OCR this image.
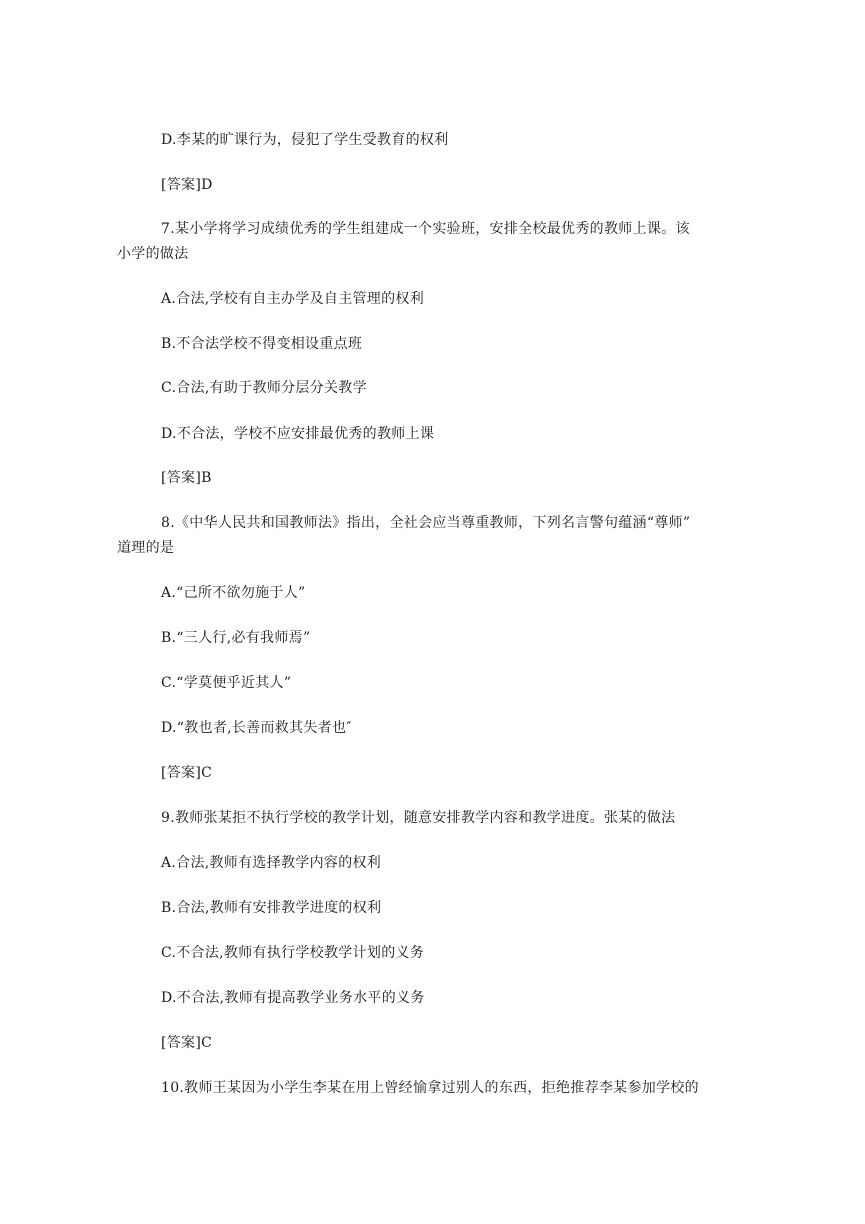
D.李某的旷课行为，侵犯了学生受教育的权利
[答案]D
7.某小学将学习成绩优秀的学生组建成一个实验班，安排全校最优秀的教师上课。该
小学的做法
A.合法,学校有自主办学及自主管理的权利
B.不合法学校不得变相设重点班
C.合法,有助于教师分层分关教学
D.不合法，学校不应安排最优秀的教师上课
[答案]B
8.《中华人民共和国教师法》指出，全社会应当尊重教师，下列名言警句蕴涵“尊师”
道理的是
A.“己所不欲勿施于人”
B.“三人行,必有我师焉”
C.“学莫便乎近其人”
D.“教也者,长善而救其失者也″
[答案]C
9.教师张某拒不执行学校的教学计划，随意安排教学内容和教学进度。张某的做法
A.合法,教师有选择教学内容的权利
B.合法,教师有安排教学进度的权利
C.不合法,教师有执行学校教学计划的义务
D.不合法,教师有提高教学业务水平的义务
[答案]C
10.教师王某因为小学生李某在用上曾经愉拿过别人的东西，拒绝推荐李某参加学校的
